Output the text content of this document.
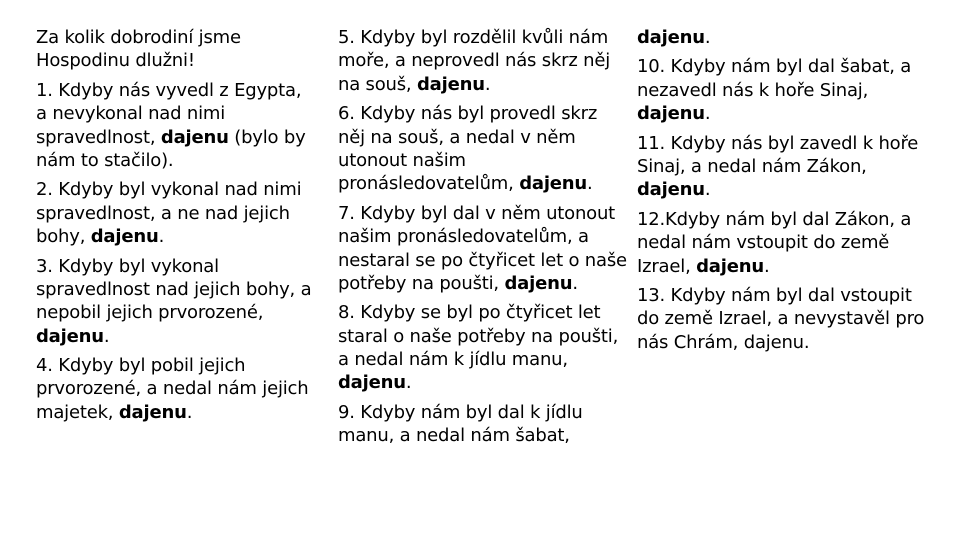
Za kolik dobrodiní jsme
Hospodinu dlužni!
1. Kdyby nás vyvedl z Egypta,
a nevykonal nad nimi
spravedlnost, dajenu (bylo by
nám to stačilo).
2. Kdyby byl vykonal nad nimi
spravedlnost, a ne nad jejich
bohy, dajenu.
3. Kdyby byl vykonal
spravedlnost nad jejich bohy, a
nepobil jejich prvorozené,
dajenu.
4. Kdyby byl pobil jejich
prvorozené, a nedal nám jejich
majetek, dajenu.
5. Kdyby byl rozdělil kvůli nám
moře, a neprovedl nás skrz něj
na souš, dajenu.
6. Kdyby nás byl provedl skrz
něj na souš, a nedal v něm
utonout našim
pronásledovatelům, dajenu.
7. Kdyby byl dal v něm utonout
našim pronásledovatelům, a
nestaral se po čtyřicet let o naše
potřeby na poušti, dajenu.
8. Kdyby se byl po čtyřicet let
staral o naše potřeby na poušti,
a nedal nám k jídlu manu,
dajenu.
9. Kdyby nám byl dal k jídlu
manu, a nedal nám šabat,
dajenu.
10. Kdyby nám byl dal šabat, a
nezavedl nás k hoře Sinaj,
dajenu.
11. Kdyby nás byl zavedl k hoře
Sinaj, a nedal nám Zákon,
dajenu.
12.Kdyby nám byl dal Zákon, a
nedal nám vstoupit do země
Izrael, dajenu.
13. Kdyby nám byl dal vstoupit
do země Izrael, a nevystavěl pro
nás Chrám, dajenu.
